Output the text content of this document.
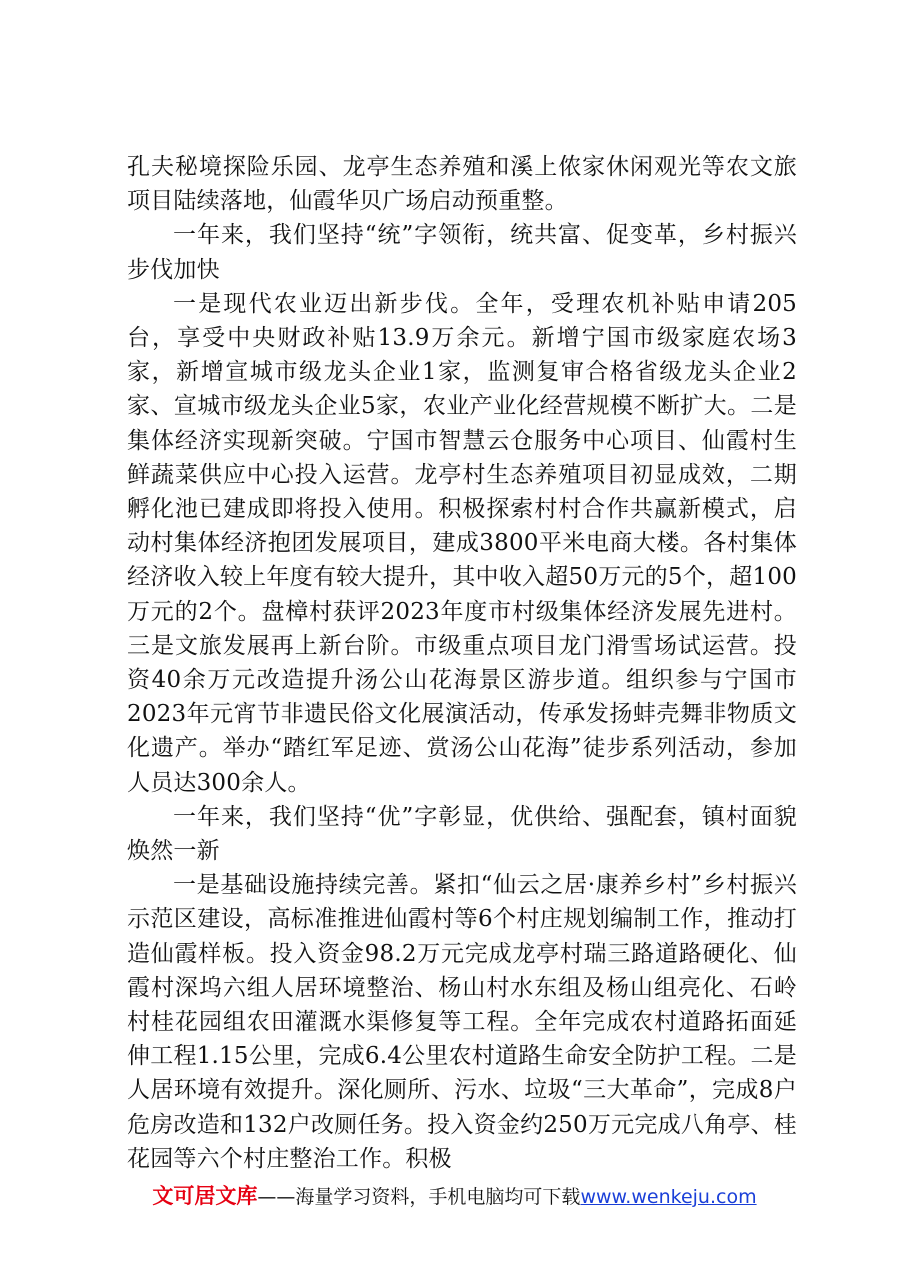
孔夫秘境探险乐园、龙亭生态养殖和溪上侬家休闲观光等农文旅项目陆续落地，仙霞华贝广场启动预重整。

一年来，我们坚持“统”字领衔，统共富、促变革，乡村振兴步伐加快

一是现代农业迈出新步伐。全年，受理农机补贴申请205台，享受中央财政补贴13.9万余元。新增宁国市级家庭农场3家，新增宣城市级龙头企业1家，监测复审合格省级龙头企业2家、宣城市级龙头企业5家，农业产业化经营规模不断扩大。二是集体经济实现新突破。宁国市智慧云仓服务中心项目、仙霞村生鲜蔬菜供应中心投入运营。龙亭村生态养殖项目初显成效，二期孵化池已建成即将投入使用。积极探索村村合作共赢新模式，启动村集体经济抱团发展项目，建成3800平米电商大楼。各村集体经济收入较上年度有较大提升，其中收入超50万元的5个，超100万元的2个。盘樟村获评2023年度市村级集体经济发展先进村。三是文旅发展再上新台阶。市级重点项目龙门滑雪场试运营。投资40余万元改造提升汤公山花海景区游步道。组织参与宁国市2023年元宵节非遗民俗文化展演活动，传承发扬蚌壳舞非物质文化遗产。举办“踏红军足迹、赏汤公山花海”徒步系列活动，参加人员达300余人。

一年来，我们坚持“优”字彰显，优供给、强配套，镇村面貌焕然一新

一是基础设施持续完善。紧扣“仙云之居·康养乡村”乡村振兴示范区建设，高标准推进仙霞村等6个村庄规划编制工作，推动打造仙霞样板。投入资金98.2万元完成龙亭村瑞三路道路硬化、仙霞村深坞六组人居环境整治、杨山村水东组及杨山组亮化、石岭村桂花园组农田灌溉水渠修复等工程。全年完成农村道路拓面延伸工程1.15公里，完成6.4公里农村道路生命安全防护工程。二是人居环境有效提升。深化厕所、污水、垃圾“三大革命”，完成8户危房改造和132户改厕任务。投入资金约250万元完成八角亭、桂花园等六个村庄整治工作。积极

文可居文库——海量学习资料，手机电脑均可下载www.wenkeju.com
